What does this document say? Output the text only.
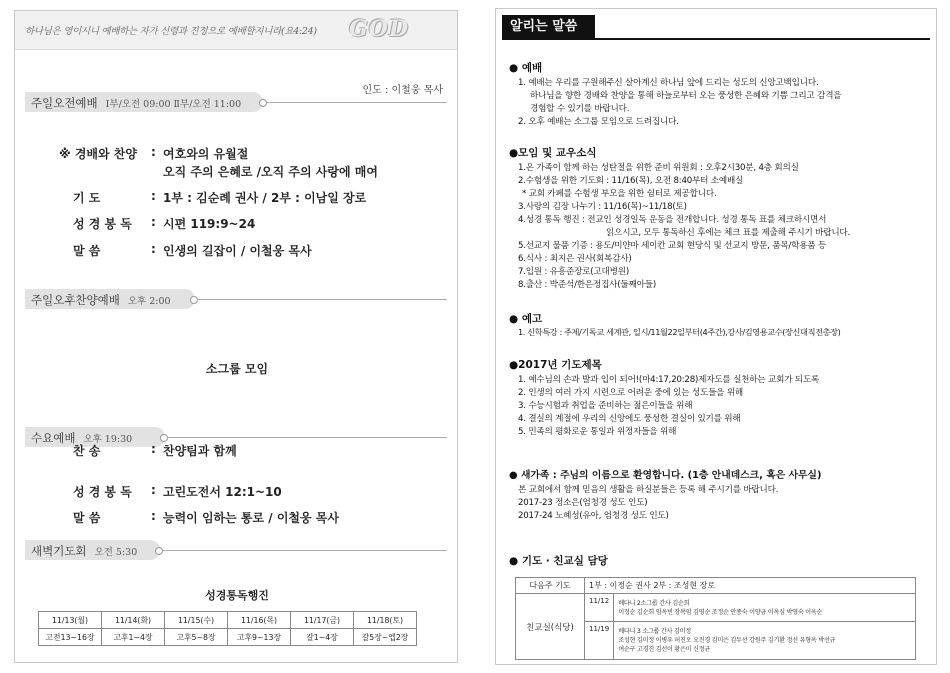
하나님은 영이시니 예배하는 자가 신령과 진정으로 예배할지니라(요4:24) GOD
인도 : 이철웅 목사
주일오전예배 Ⅰ부/오전 09:00 Ⅱ부/오전 11:00
※ 경배와 찬양 : 여호와의 유월절
오직 주의 은혜로 /오직 주의 사랑에 매여
기 도	: 1부 : 김순례 권사 / 2부 : 이남일 장로
성 경 봉 독 : 시편 119:9~24
말 씀	: 인생의 길잡이 / 이철웅 목사
주일오후찬양예배 오후 2:00
소그룹 모임
수요예배 오후 19:30
찬 송	: 찬양팀과 함께
성 경 봉 독 : 고린도전서 12:1~10
말 씀	: 능력이 임하는 통로 / 이철웅 목사
새벽기도회 오전 5:30
성경통독행진
11/13(월)	11/14(화)	11/15(수)	11/16(목)	11/17(금)	11/18(토)
고전13~16장	고후1~4장	고후5~8장	고후9~13장	갈1~4장	갈5장~엡2장
알리는 말씀
● 예배
1. 예배는 우리를 구원해주신 살아계신 하나님 앞에 드리는 성도의 신앙고백입니다.
하나님을 향한 경배와 찬양을 통해 하늘로부터 오는 풍성한 은혜와 기쁨 그리고 감격을
경험할 수 있기를 바랍니다.
2. 오후 예배는 소그룹 모임으로 드려집니다.
●모임 및 교우소식
1.온 가족이 함께 하는 성탄절을 위한 준비 위원회 : 오후2시30분, 4층 회의실
2.수험생을 위한 기도회 : 11/16(목), 오전 8:40부터 소예배실
* 교회 카페를 수험생 부모을 위한 쉼터로 제공합니다.
3.사랑의 김장 나누기 : 11/16(목)~11/18(토)
4.성경 통독 행진 : 전교인 성경일독 운동을 전개합니다. 성경 통독 표를 체크하시면서
읽으시고, 모두 통독하신 후에는 체크 표를 제출해 주시기 바랍니다.
5.선교지 물품 기증 : 용도/미얀마 세이칸 교회 현당식 및 선교지 방문, 품목/학용품 등
6.식사 : 최지은 권사(회복감사)
7.입원 : 유흥준장로(고대병원)
8.출산 : 박준석/한은정집사(둘째아들)
● 예고
1. 신학특강 : 주제/기독교 세계관, 일시/11월22일부터(4주간),강사/김영용교수(장신대직전총장)
●2017년 기도제목
1. 예수님의 손과 발과 입이 되어!(마4:17,20:28)제자도를 실천하는 교회가 되도록
2. 인생의 여러 가지 시련으로 어려운 중에 있는 성도들을 위해
3. 수능시험과 취업을 준비하는 젊은이들을 위해
4. 결실의 계절에 우리의 신앙에도 풍성한 결실이 있기를 위해
5. 민족의 평화로운 통일과 위정자들을 위해
● 새가족 : 주님의 이름으로 환영합니다. (1층 안내데스크, 혹은 사무실)
본 교회에서 함께 믿음의 생활을 하실분들은 등록 해 주시기를 바랍니다.
2017-23 정소은(엄청경 성도 인도)
2017-24 노혜성(유아, 엄청경 성도 인도)
● 기도 · 친교실 담당
다음주 기도	1부 : 이정순 권사 2부 : 조성현 장로	
친교실(식당)	11/12	베다니 2소그룹 간사 김순희
이정순 김순희 임옥빈 장복임 김영순 조정순 안종숙 이양금 이옥심 박영숙 이옥순

	11/19	베다니 3 소그룹 간사 김미정
조성현 김미정 이병우 허진오 오진경 김미은 김두선 강원주 김기환 정선 유형옥 박선규
여순구 고경진 김선이 황은미 신정균
